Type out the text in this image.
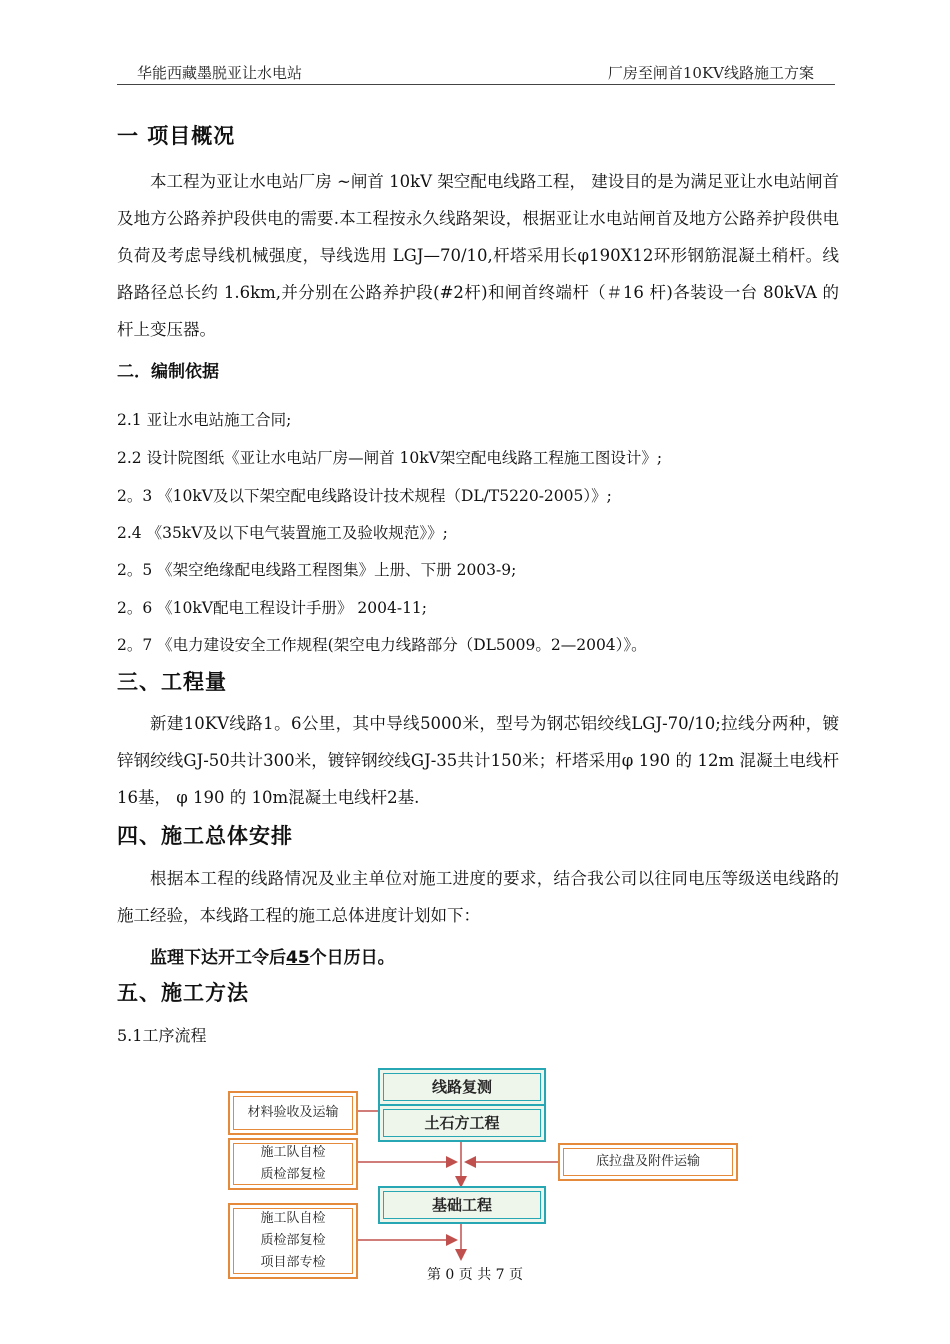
华能西藏墨脱亚让水电站	厂房至闸首10KV线路施工方案
一 项目概况

本工程为亚让水电站厂房 ~闸首 10kV 架空配电线路工程， 建设目的是为满足亚让水电站闸首及地方公路养护段供电的需要.本工程按永久线路架设，根据亚让水电站闸首及地方公路养护段供电负荷及考虑导线机械强度，导线选用 LGJ—70/10,杆塔采用长φ190X12环形钢筋混凝土稍杆。线路路径总长约 1.6km,并分别在公路养护段(#2杆)和闸首终端杆（＃16 杆)各装设一台 80kVA 的杆上变压器。

二．编制依据
2.1 亚让水电站施工合同;
2.2 设计院图纸《亚让水电站厂房—闸首 10kV架空配电线路工程施工图设计》;
2。3 《10kV及以下架空配电线路设计技术规程（DL/T5220-2005）》;
2.4 《35kV及以下电气装置施工及验收规范》》;
2。5 《架空绝缘配电线路工程图集》上册、下册 2003-9;
2。6 《10kV配电工程设计手册》 2004-11;
2。7 《电力建设安全工作规程(架空电力线路部分（DL5009。2—2004）》。
三、工程量

新建10KV线路1。6公里，其中导线5000米，型号为钢芯铝绞线LGJ-70/10;拉线分两种，镀锌钢绞线GJ-50共计300米，镀锌钢绞线GJ-35共计150米；杆塔采用φ 190 的 12m 混凝土电线杆16基， φ 190 的 10m混凝土电线杆2基.

四、施工总体安排

根据本工程的线路情况及业主单位对施工进度的要求，结合我公司以往同电压等级送电线路的施工经验，本线路工程的施工总体进度计划如下：

监理下达开工令后45个日历日。
五、施工方法
5.1工序流程
线路复测
土石方工程
基础工程
材料验收及运输
施工队自检
质检部复检
底拉盘及附件运输
施工队自检
质检部复检
项目部专检
第 0 页 共 7 页
